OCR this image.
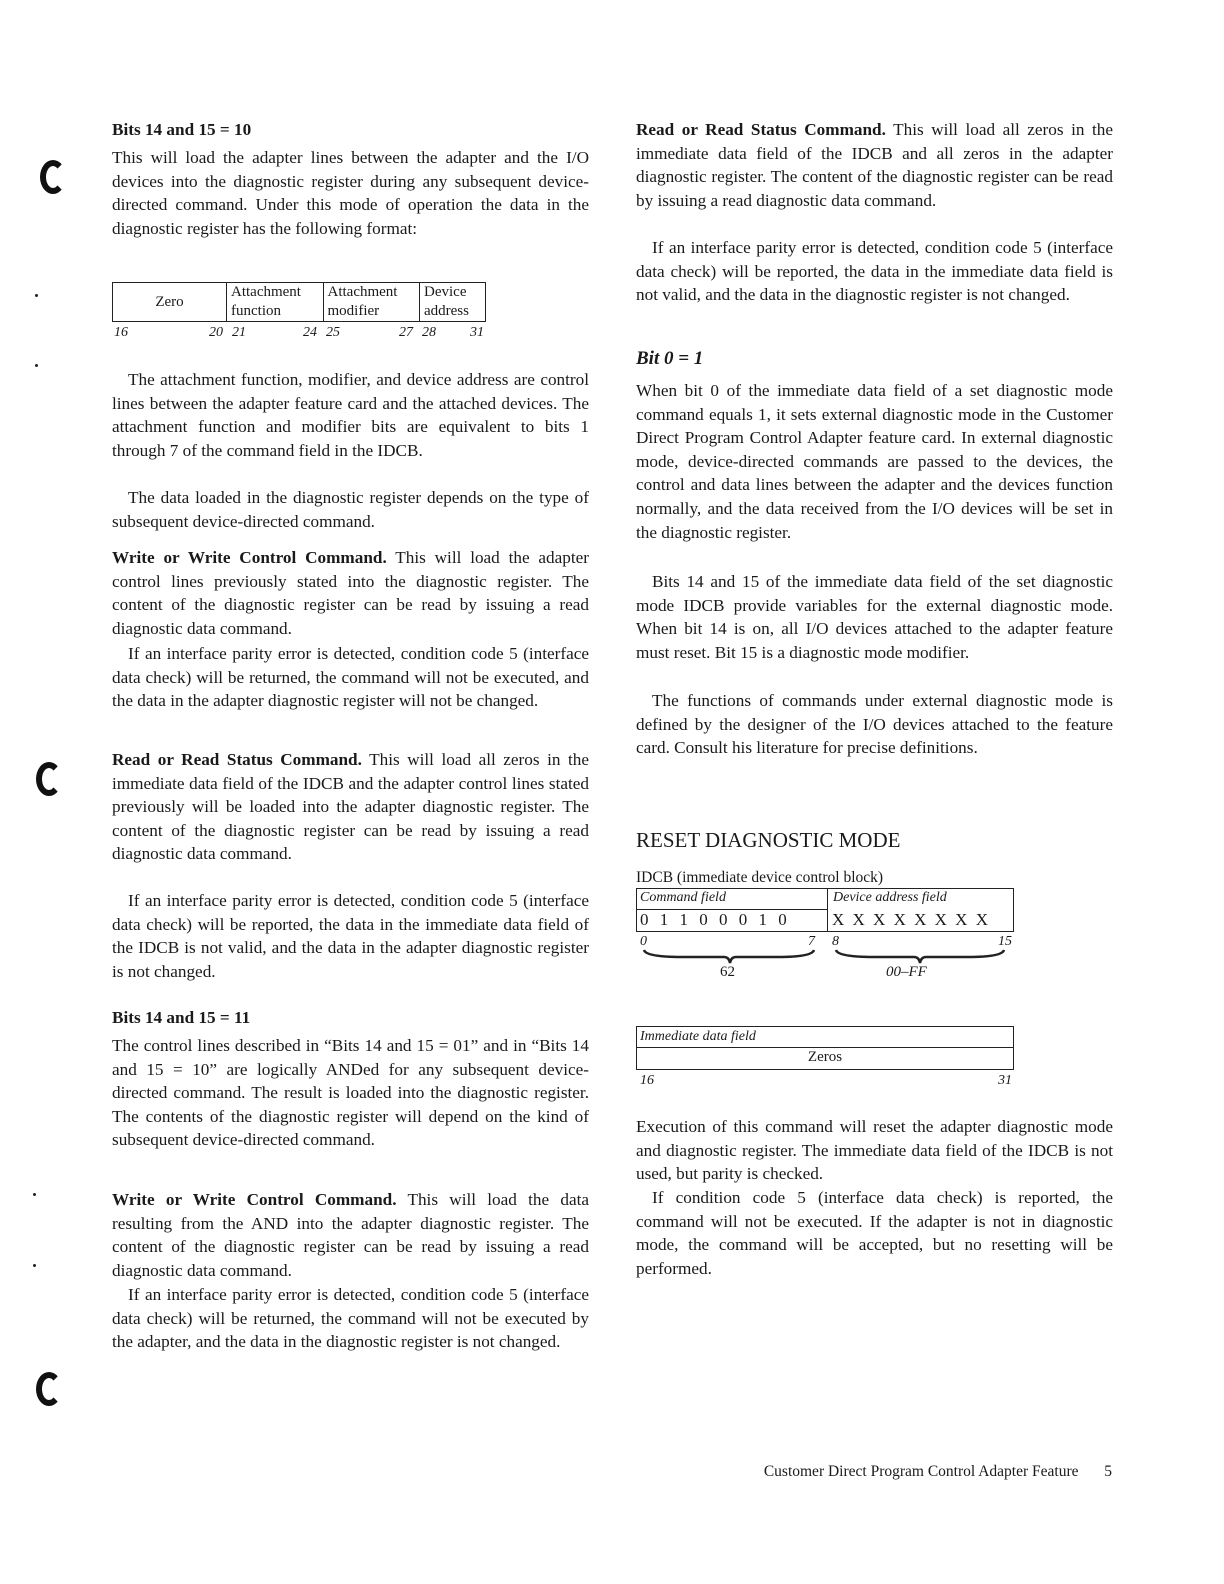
Bits 14 and 15 = 10

This will load the adapter lines between the adapter and the I/O devices into the diagnostic register during any subsequent device-directed command. Under this mode of operation the data in the diagnostic register has the following format:

Zero	Attachment	Attachment	Device
	function	modifier	address
16	20 21	24 25	27 28 31

The attachment function, modifier, and device address are control lines between the adapter feature card and the attached devices. The attachment function and modifier bits are equivalent to bits 1 through 7 of the command field in the IDCB.

The data loaded in the diagnostic register depends on the type of subsequent device-directed command.

Write or Write Control Command. This will load the adapter control lines previously stated into the diagnostic register. The content of the diagnostic register can be read by issuing a read diagnostic data command.

If an interface parity error is detected, condition code 5 (interface data check) will be returned, the command will not be executed, and the data in the adapter diagnostic register will not be changed.

Read or Read Status Command. This will load all zeros in the immediate data field of the IDCB and the adapter control lines stated previously will be loaded into the adapter diagnostic register. The content of the diagnostic register can be read by issuing a read diagnostic data command.

If an interface parity error is detected, condition code 5 (interface data check) will be reported, the data in the immediate data field of the IDCB is not valid, and the data in the adapter diagnostic register is not changed.

Bits 14 and 15 = 11

The control lines described in “Bits 14 and 15 = 01” and in “Bits 14 and 15 = 10” are logically ANDed for any subsequent device-directed command. The result is loaded into the diagnostic register. The contents of the diagnostic register will depend on the kind of subsequent device-directed command.

Write or Write Control Command. This will load the data resulting from the AND into the adapter diagnostic register. The content of the diagnostic register can be read by issuing a read diagnostic data command.

If an interface parity error is detected, condition code 5 (interface data check) will be returned, the command will not be executed by the adapter, and the data in the diagnostic register is not changed.

Read or Read Status Command. This will load all zeros in the immediate data field of the IDCB and all zeros in the adapter diagnostic register. The content of the diagnostic register can be read by issuing a read diagnostic data command.

If an interface parity error is detected, condition code 5 (interface data check) will be reported, the data in the immediate data field is not valid, and the data in the diagnostic register is not changed.

Bit 0 = 1

When bit 0 of the immediate data field of a set diagnostic mode command equals 1, it sets external diagnostic mode in the Customer Direct Program Control Adapter feature card. In external diagnostic mode, device-directed commands are passed to the devices, the control and data lines between the adapter and the devices function normally, and the data received from the I/O devices will be set in the diagnostic register.

Bits 14 and 15 of the immediate data field of the set diagnostic mode IDCB provide variables for the external diagnostic mode. When bit 14 is on, all I/O devices attached to the adapter feature must reset. Bit 15 is a diagnostic mode modifier.

The functions of commands under external diagnostic mode is defined by the designer of the I/O devices attached to the feature card. Consult his literature for precise definitions.

RESET DIAGNOSTIC MODE

IDCB (immediate device control block)

Command field	Device address field
0 1 1 0 0 0 1 0	X X X X X X X X
0	7 8	15
62	00–FF
Immediate data field
Zeros
16	31

Execution of this command will reset the adapter diagnostic mode and diagnostic register. The immediate data field of the IDCB is not used, but parity is checked.

If condition code 5 (interface data check) is reported, the command will not be executed. If the adapter is not in diagnostic mode, the command will be accepted, but no resetting will be performed.

Customer Direct Program Control Adapter Feature 5
